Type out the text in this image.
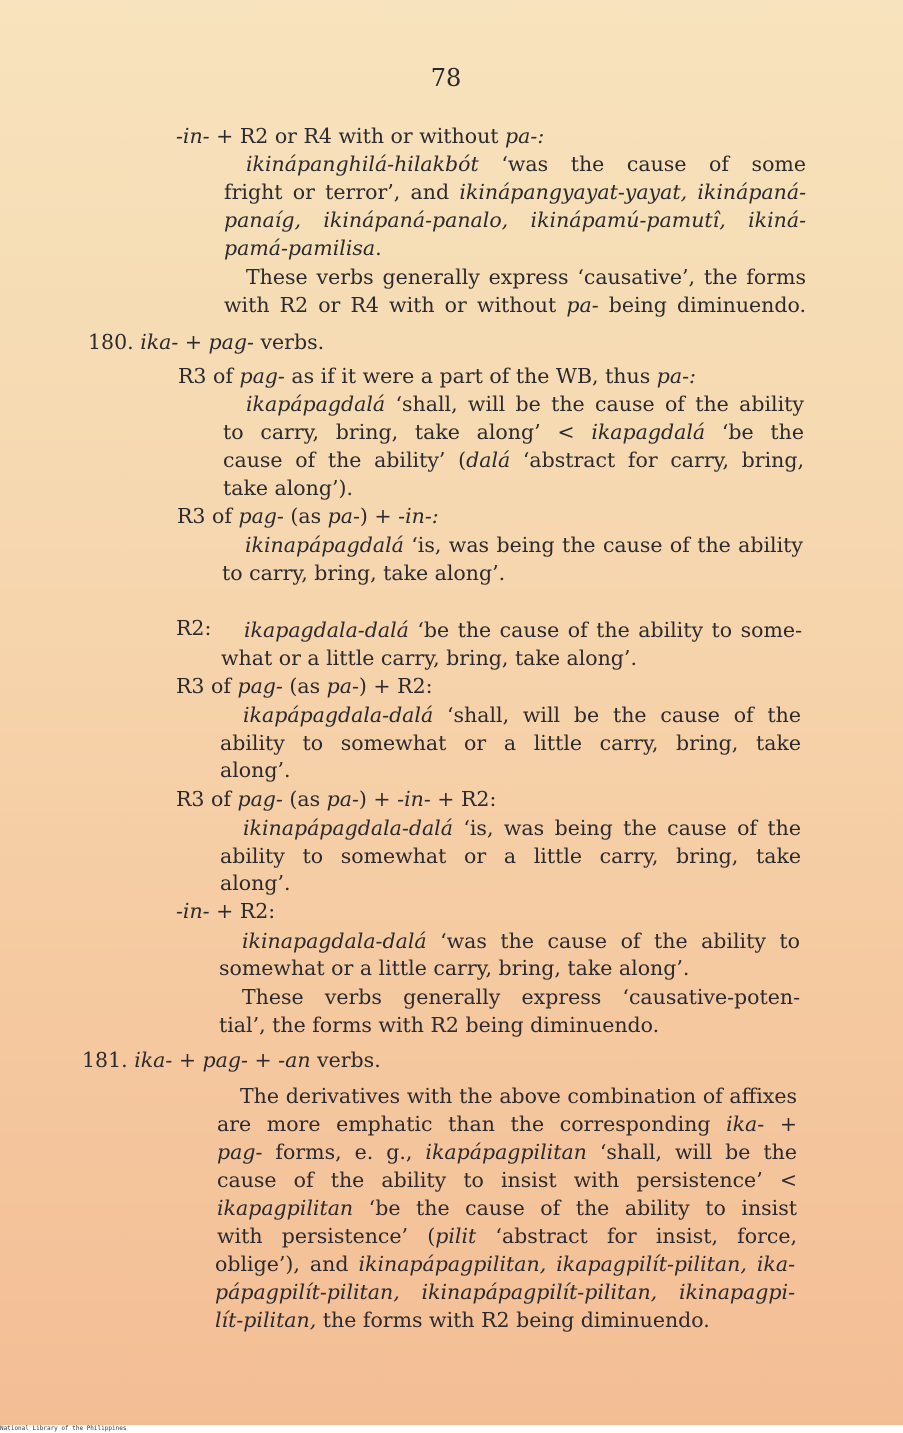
78
-in- + R2 or R4 with or without pa-:
ikinápanghilá-hilakbót ‘was the cause of some
fright or terror’, and ikinápangyayat-yayat, ikinápaná-
panaíg, ikinápaná-panalo, ikinápamú-pamutî, ikiná-
pamá-pamilisa.
These verbs generally express ‘causative’, the forms
with R2 or R4 with or without pa- being diminuendo.
180. ika- + pag- verbs.
R3 of pag- as if it were a part of the WB, thus pa-:
ikapápagdalá ‘shall, will be the cause of the ability
to carry, bring, take along’ < ikapagdalá ‘be the
cause of the ability’ (dalá ‘abstract for carry, bring,
take along’).
R3 of pag- (as pa-) + -in-:
ikinapápagdalá ‘is, was being the cause of the ability
to carry, bring, take along’.
R2: ikapagdala-dalá ‘be the cause of the ability to some-
what or a little carry, bring, take along’.
R3 of pag- (as pa-) + R2:
ikapápagdala-dalá ‘shall, will be the cause of the
ability to somewhat or a little carry, bring, take
along’.
R3 of pag- (as pa-) + -in- + R2:
ikinapápagdala-dalá ‘is, was being the cause of the
ability to somewhat or a little carry, bring, take
along’.
-in- + R2:
ikinapagdala-dalá ‘was the cause of the ability to
somewhat or a little carry, bring, take along’.
These verbs generally express ‘causative-poten-
tial’, the forms with R2 being diminuendo.
181. ika- + pag- + -an verbs.
The derivatives with the above combination of affixes
are more emphatic than the corresponding ika- +
pag- forms, e. g., ikapápagpilitan ‘shall, will be the
cause of the ability to insist with persistence’ <
ikapagpilitan ‘be the cause of the ability to insist
with persistence’ (pilit ‘abstract for insist, force,
oblige’), and ikinapápagpilitan, ikapagpilít-pilitan, ika-
pápagpilít-pilitan, ikinapápagpilít-pilitan, ikinapagpi-
lít-pilitan, the forms with R2 being diminuendo.
National Library of the Philippines
